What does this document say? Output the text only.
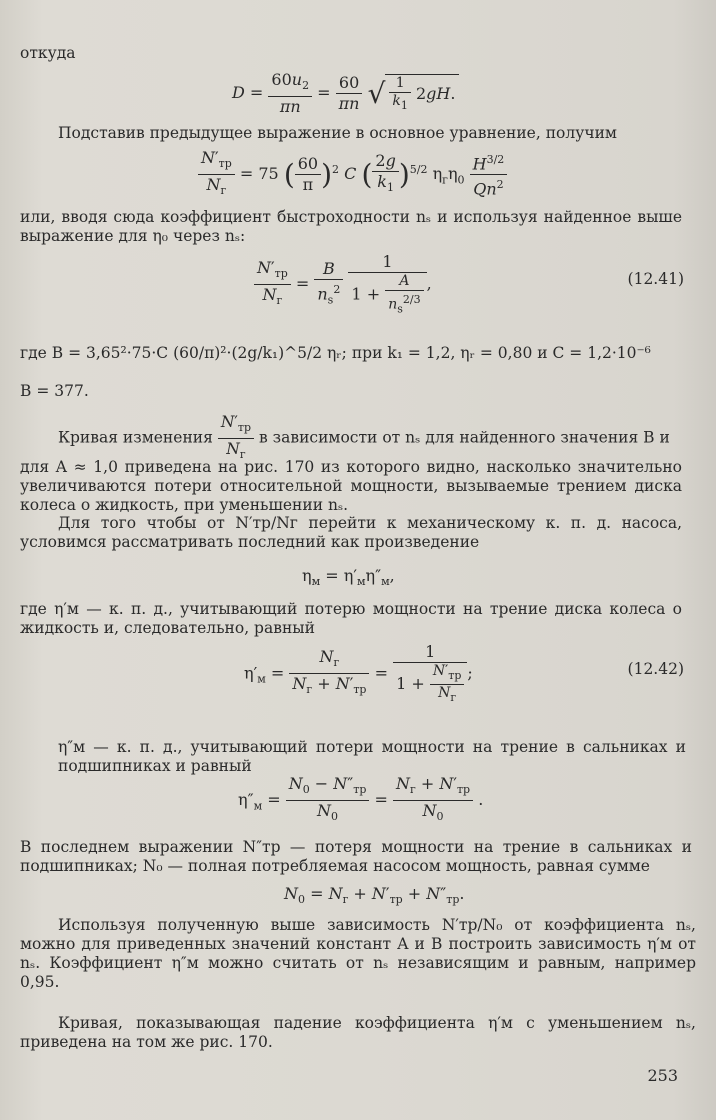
откуда

$D = \frac{60u_2}{\pi n} = \frac{60}{\pi n}$ √ $\frac{1}{k_1} 2gH$.

Подставив предыдущее выражение в основное уравнение, получим

$\frac{N'_{тр}}{N_г} = 75$ ( $\frac{60}{\pi} )^2$ C ( $\frac{2g}{k_1} )^{5/2}$ $\eta_г\eta_0 \frac{H^{3/2}}{Qn^2}$

или, вводя сюда коэффициент быстроходности nₛ и используя найденное выше выражение для η₀ через nₛ:

$\frac{N'_{тр}}{N_г} = \frac{B}{n_s^2}$
$\frac{1}{1 + \frac{A}{n_s^{2/3}}}$ ,	(12.41)

где B = 3,65²·75·C (60/π)²·(2g/k₁)^5/2 ηᵣ; при k₁ = 1,2, ηᵣ = 0,80 и C = 1,2·10⁻⁶

B = 377.

Кривая изменения $\frac{N'_{тр}}{N_г}$ в зависимости от nₛ для найденного значения B и

для A ≈ 1,0 приведена на рис. 170 из которого видно, насколько значительно увеличиваются потери относительной мощности, вызываемые трением диска колеса о жидкость, при уменьшении nₛ.

Для того чтобы от N′тр/Nг перейти к механическому к. п. д. насоса, условимся рассматривать последний как произведение

$\eta_м = \eta'_м\eta''_м$,

где η′м — к. п. д., учитывающий потерю мощности на трение диска колеса о жидкость и, следовательно, равный

$\eta'_м = \frac{N_г}{N_г + N'_{тр}} = \frac{1}{1 + \frac{N'_{тр}}{N_г}}$ ;	(12.42)

η″м — к. п. д., учитывающий потери мощности на трение в сальниках и подшипниках и равный

$\eta''_м = \frac{N_0 - N''_{тр}}{N_0} = \frac{N_г + N'_{тр}}{N_0}$ .

В последнем выражении N″тр — потеря мощности на трение в сальниках и подшипниках; N₀ — полная потребляемая насосом мощность, равная сумме

$N_0 = N_г + N'_{тр} + N''_{тр}$.

Используя полученную выше зависимость N′тр/N₀ от коэффициента nₛ, можно для приведенных значений констант A и B построить зависимость η′м от nₛ. Коэффициент η″м можно считать от nₛ независящим и равным, например 0,95.

Кривая, показывающая падение коэффициента η′м с уменьшением nₛ, приведена на том же рис. 170.

253
